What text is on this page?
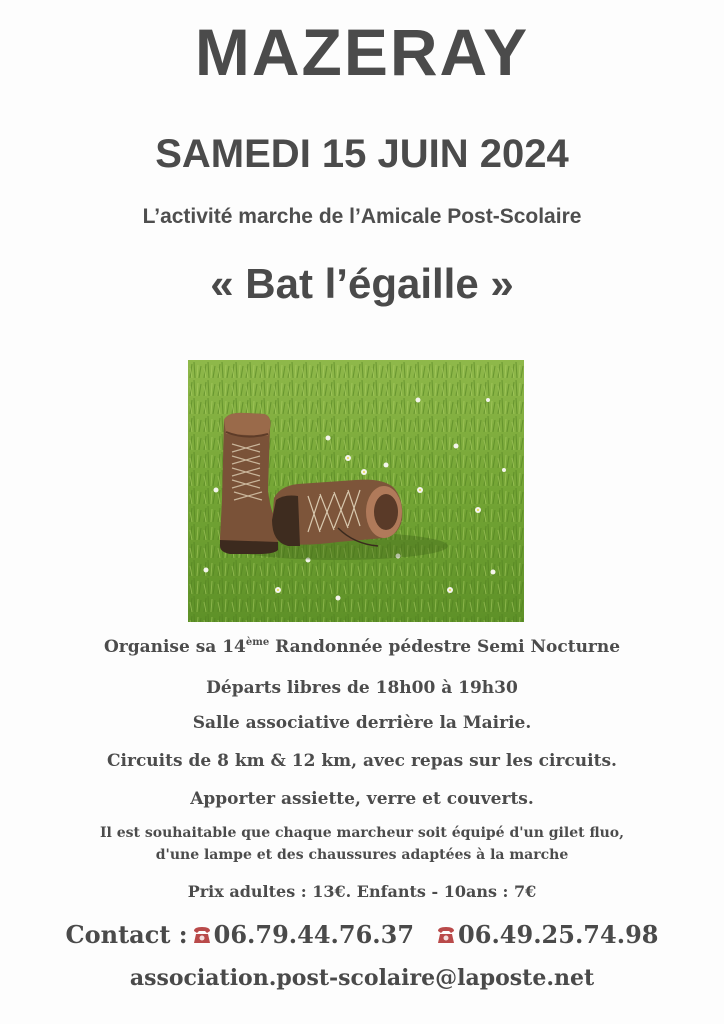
MAZERAY
SAMEDI 15 JUIN 2024
L’activité marche de l’Amicale Post-Scolaire
« Bat l’égaille »
Organise sa 14ème Randonnée pédestre Semi Nocturne
Départs libres de 18h00 à 19h30
Salle associative derrière la Mairie.
Circuits de 8 km & 12 km, avec repas sur les circuits.
Apporter assiette, verre et couverts.
Il est souhaitable que chaque marcheur soit équipé d'un gilet fluo,
d'une lampe et des chaussures adaptées à la marche
Prix adultes : 13€. Enfants - 10ans : 7€
Contact : 06.79.44.76.37 06.49.25.74.98
association.post-scolaire@laposte.net
